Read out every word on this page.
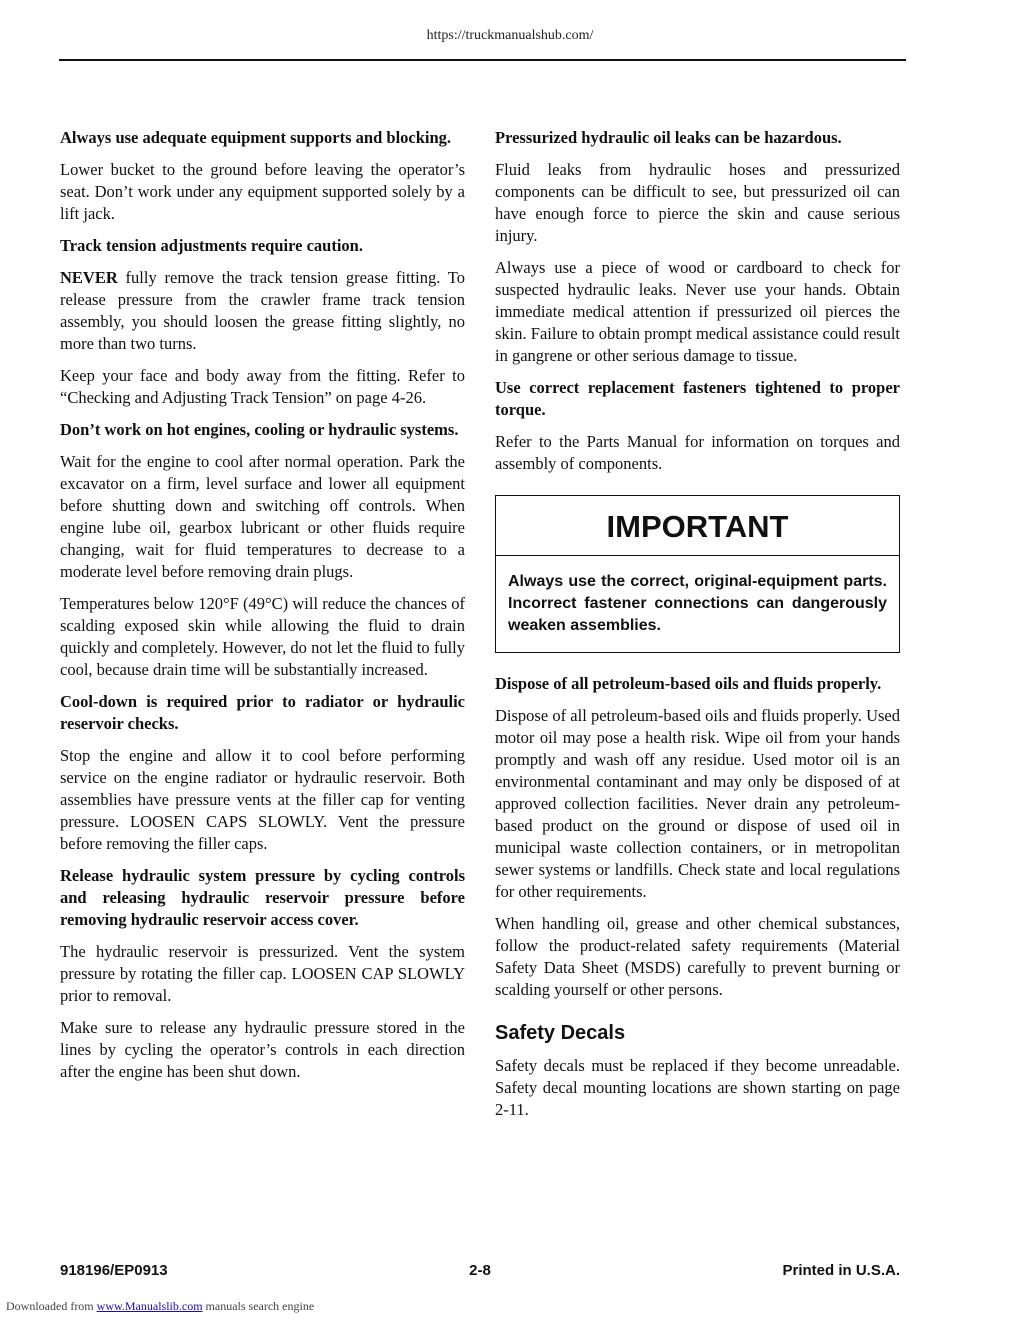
https://truckmanualshub.com/

Always use adequate equipment supports and blocking.

Lower bucket to the ground before leaving the operator’s seat. Don’t work under any equipment supported solely by a lift jack.

Track tension adjustments require caution.

NEVER fully remove the track tension grease fitting. To release pressure from the crawler frame track tension assembly, you should loosen the grease fitting slightly, no more than two turns.

Keep your face and body away from the fitting. Refer to “Checking and Adjusting Track Tension” on page 4-26.

Don’t work on hot engines, cooling or hydraulic systems.

Wait for the engine to cool after normal operation. Park the excavator on a firm, level surface and lower all equipment before shutting down and switching off controls. When engine lube oil, gearbox lubricant or other fluids require changing, wait for fluid temperatures to decrease to a moderate level before removing drain plugs.

Temperatures below 120°F (49°C) will reduce the chances of scalding exposed skin while allowing the fluid to drain quickly and completely. However, do not let the fluid to fully cool, because drain time will be substantially increased.

Cool-down is required prior to radiator or hydraulic reservoir checks.

Stop the engine and allow it to cool before performing service on the engine radiator or hydraulic reservoir. Both assemblies have pressure vents at the filler cap for venting pressure. LOOSEN CAPS SLOWLY. Vent the pressure before removing the filler caps.

Release hydraulic system pressure by cycling controls and releasing hydraulic reservoir pressure before removing hydraulic reservoir access cover.

The hydraulic reservoir is pressurized. Vent the system pressure by rotating the filler cap. LOOSEN CAP SLOWLY prior to removal.

Make sure to release any hydraulic pressure stored in the lines by cycling the operator’s controls in each direction after the engine has been shut down.

Pressurized hydraulic oil leaks can be hazardous.

Fluid leaks from hydraulic hoses and pressurized components can be difficult to see, but pressurized oil can have enough force to pierce the skin and cause serious injury.

Always use a piece of wood or cardboard to check for suspected hydraulic leaks. Never use your hands. Obtain immediate medical attention if pressurized oil pierces the skin. Failure to obtain prompt medical assistance could result in gangrene or other serious damage to tissue.

Use correct replacement fasteners tightened to proper torque.

Refer to the Parts Manual for information on torques and assembly of components.

IMPORTANT
Always use the correct, original-equipment parts. Incorrect fastener connections can dangerously weaken assemblies.

Dispose of all petroleum-based oils and fluids properly.

Dispose of all petroleum-based oils and fluids properly. Used motor oil may pose a health risk. Wipe oil from your hands promptly and wash off any residue. Used motor oil is an environmental contaminant and may only be disposed of at approved collection facilities. Never drain any petroleum-based product on the ground or dispose of used oil in municipal waste collection containers, or in metropolitan sewer systems or landfills. Check state and local regulations for other requirements.

When handling oil, grease and other chemical substances, follow the product-related safety requirements (Material Safety Data Sheet (MSDS) carefully to prevent burning or scalding yourself or other persons.

Safety Decals

Safety decals must be replaced if they become unreadable. Safety decal mounting locations are shown starting on page 2-11.

918196/EP0913	2-8	Printed in U.S.A.
Downloaded from www.Manualslib.com manuals search engine
